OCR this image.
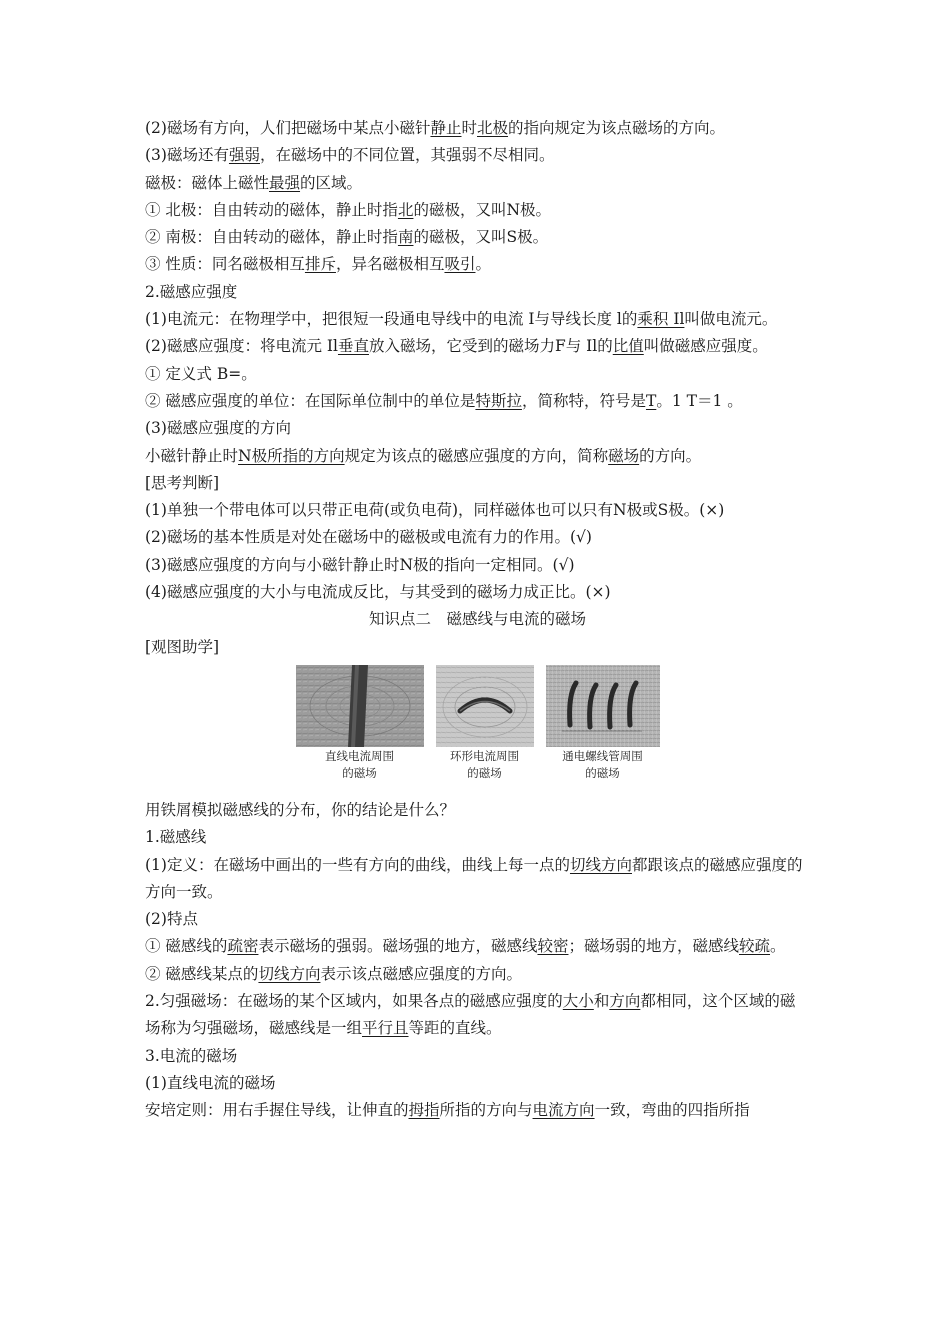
(2)磁场有方向，人们把磁场中某点小磁针静止时北极的指向规定为该点磁场的方向。
(3)磁场还有强弱，在磁场中的不同位置，其强弱不尽相同。
磁极：磁体上磁性最强的区域。
① 北极：自由转动的磁体，静止时指北的磁极，又叫N极。
② 南极：自由转动的磁体，静止时指南的磁极，又叫S极。
③ 性质：同名磁极相互排斥，异名磁极相互吸引。
2.磁感应强度
(1)电流元：在物理学中，把很短一段通电导线中的电流 I与导线长度 l的乘积 Il叫做电流元。
(2)磁感应强度：将电流元 Il垂直放入磁场，它受到的磁场力F与 Il的比值叫做磁感应强度。
① 定义式 B=。
② 磁感应强度的单位：在国际单位制中的单位是特斯拉，简称特，符号是T。1 T＝1 。
(3)磁感应强度的方向
小磁针静止时N极所指的方向规定为该点的磁感应强度的方向，简称磁场的方向。
[思考判断]
(1)单独一个带电体可以只带正电荷(或负电荷)，同样磁体也可以只有N极或S极。(×)
(2)磁场的基本性质是对处在磁场中的磁极或电流有力的作用。(√)
(3)磁感应强度的方向与小磁针静止时N极的指向一定相同。(√)
(4)磁感应强度的大小与电流成反比，与其受到的磁场力成正比。(×)
知识点二　磁感线与电流的磁场
[观图助学]
直线电流周围
的磁场
环形电流周围
的磁场
通电螺线管周围
的磁场
用铁屑模拟磁感线的分布，你的结论是什么？
1.磁感线
(1)定义：在磁场中画出的一些有方向的曲线，曲线上每一点的切线方向都跟该点的磁感应强度的方向一致。
(2)特点
① 磁感线的疏密表示磁场的强弱。磁场强的地方，磁感线较密；磁场弱的地方，磁感线较疏。
② 磁感线某点的切线方向表示该点磁感应强度的方向。
2.匀强磁场：在磁场的某个区域内，如果各点的磁感应强度的大小和方向都相同，这个区域的磁场称为匀强磁场，磁感线是一组平行且等距的直线。
3.电流的磁场
(1)直线电流的磁场
安培定则：用右手握住导线，让伸直的拇指所指的方向与电流方向一致，弯曲的四指所指
